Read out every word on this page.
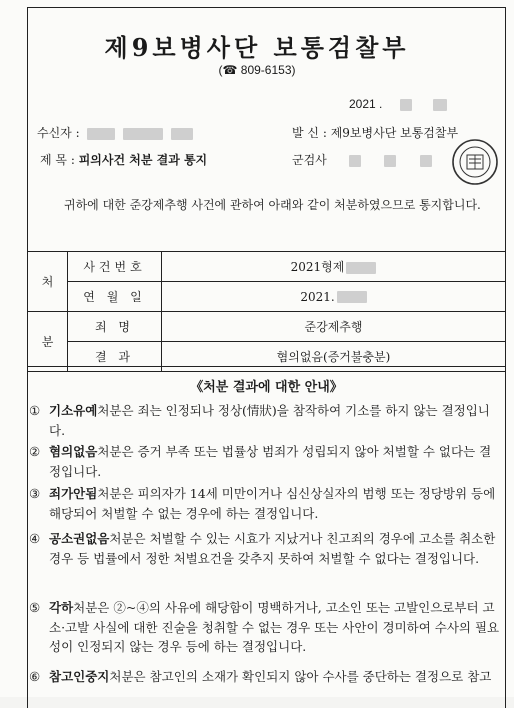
제9보병사단 보통검찰부
(☎ 809-6153)
2021 .
수신자 :	발 신 : 제9보병사단 보통검찰부
제 목 : 피의사건 처분 결과 통지	군검사
귀하에 대한 준강제추행 사건에 관하여 아래와 같이 처분하였으므로 통지합니다.
처	사건번호	2021형제
	연 월 일	2021.
분	죄 명	준강제추행
	결 과	혐의없음(증거불충분)
《처분 결과에 대한 안내》
① 기소유예처분은 죄는 인정되나 정상(情狀)을 참작하여 기소를 하지 않는 결정입니다.
② 혐의없음처분은 증거 부족 또는 법률상 범죄가 성립되지 않아 처벌할 수 없다는 결정입니다.
③ 죄가안됨처분은 피의자가 14세 미만이거나 심신상실자의 범행 또는 정당방위 등에 해당되어 처벌할 수 없는 경우에 하는 결정입니다.
④ 공소권없음처분은 처벌할 수 있는 시효가 지났거나 친고죄의 경우에 고소를 취소한 경우 등 법률에서 정한 처벌요건을 갖추지 못하여 처벌할 수 없다는 결정입니다.
⑤ 각하처분은 ②~④의 사유에 해당함이 명백하거나, 고소인 또는 고발인으로부터 고소·고발 사실에 대한 진술을 청취할 수 없는 경우 또는 사안이 경미하여 수사의 필요성이 인정되지 않는 경우 등에 하는 결정입니다.
⑥ 참고인중지처분은 참고인의 소재가 확인되지 않아 수사를 중단하는 결정으로 참고
